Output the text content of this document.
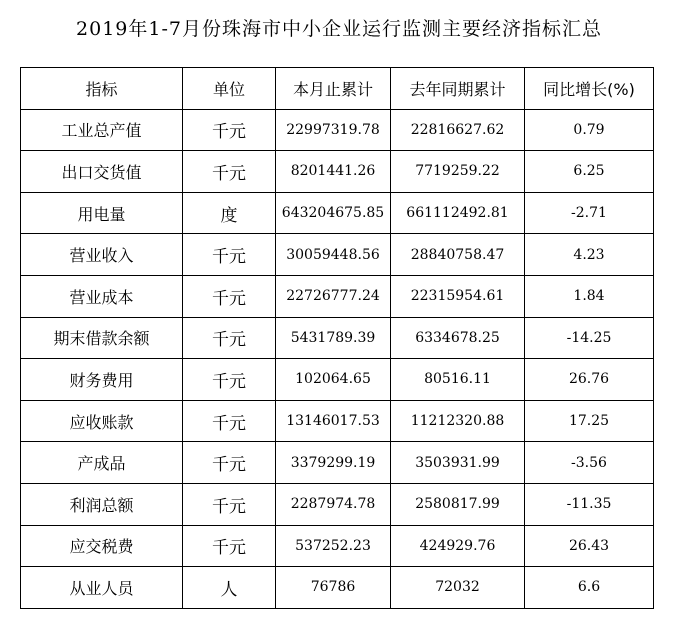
2019年1-7月份珠海市中小企业运行监测主要经济指标汇总
指标	单位	本月止累计	去年同期累计	同比增长(%)
工业总产值	千元	22997319.78	22816627.62	0.79
出口交货值	千元	8201441.26	7719259.22	6.25
用电量	度	643204675.85	661112492.81	-2.71
营业收入	千元	30059448.56	28840758.47	4.23
营业成本	千元	22726777.24	22315954.61	1.84
期末借款余额	千元	5431789.39	6334678.25	-14.25
财务费用	千元	102064.65	80516.11	26.76
应收账款	千元	13146017.53	11212320.88	17.25
产成品	千元	3379299.19	3503931.99	-3.56
利润总额	千元	2287974.78	2580817.99	-11.35
应交税费	千元	537252.23	424929.76	26.43
从业人员	人	76786	72032	6.6
